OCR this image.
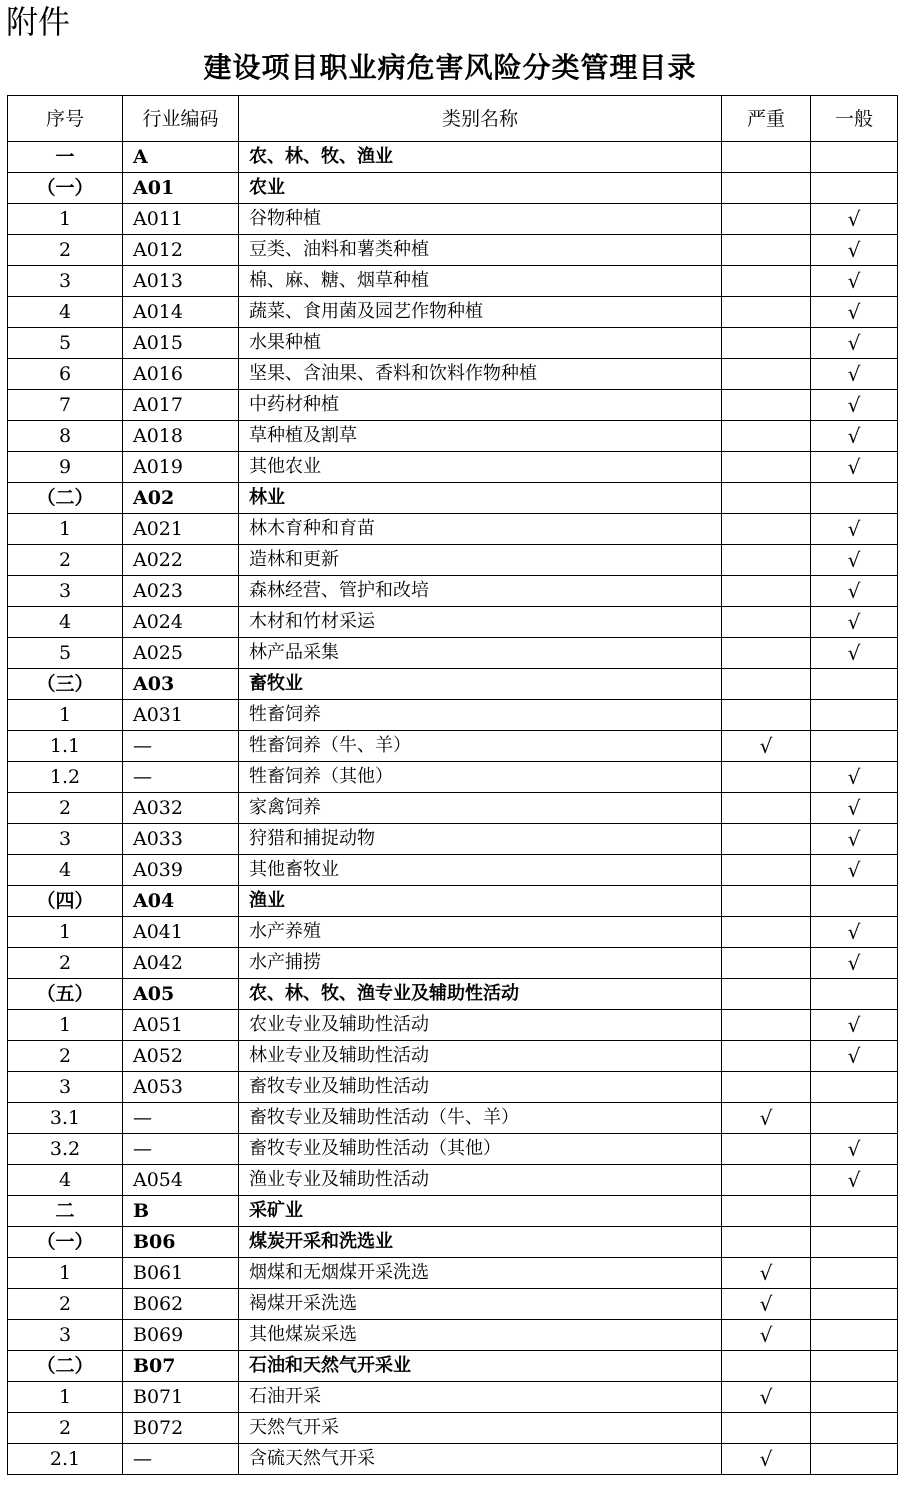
附件
建设项目职业病危害风险分类管理目录
序号	行业编码	类别名称	严重	一般
一	A	农、林、牧、渔业		
（一）	A01	农业		
1	A011	谷物种植		√
2	A012	豆类、油料和薯类种植		√
3	A013	棉、麻、糖、烟草种植		√
4	A014	蔬菜、食用菌及园艺作物种植		√
5	A015	水果种植		√
6	A016	坚果、含油果、香料和饮料作物种植		√
7	A017	中药材种植		√
8	A018	草种植及割草		√
9	A019	其他农业		√
（二）	A02	林业		
1	A021	林木育种和育苗		√
2	A022	造林和更新		√
3	A023	森林经营、管护和改培		√
4	A024	木材和竹材采运		√
5	A025	林产品采集		√
（三）	A03	畜牧业		
1	A031	牲畜饲养		
1.1	—	牲畜饲养（牛、羊）	√	
1.2	—	牲畜饲养（其他）		√
2	A032	家禽饲养		√
3	A033	狩猎和捕捉动物		√
4	A039	其他畜牧业		√
（四）	A04	渔业		
1	A041	水产养殖		√
2	A042	水产捕捞		√
（五）	A05	农、林、牧、渔专业及辅助性活动		
1	A051	农业专业及辅助性活动		√
2	A052	林业专业及辅助性活动		√
3	A053	畜牧专业及辅助性活动		
3.1	—	畜牧专业及辅助性活动（牛、羊）	√	
3.2	—	畜牧专业及辅助性活动（其他）		√
4	A054	渔业专业及辅助性活动		√
二	B	采矿业		
（一）	B06	煤炭开采和洗选业		
1	B061	烟煤和无烟煤开采洗选	√	
2	B062	褐煤开采洗选	√	
3	B069	其他煤炭采选	√	
（二）	B07	石油和天然气开采业		
1	B071	石油开采	√	
2	B072	天然气开采		
2.1	—	含硫天然气开采	√	
